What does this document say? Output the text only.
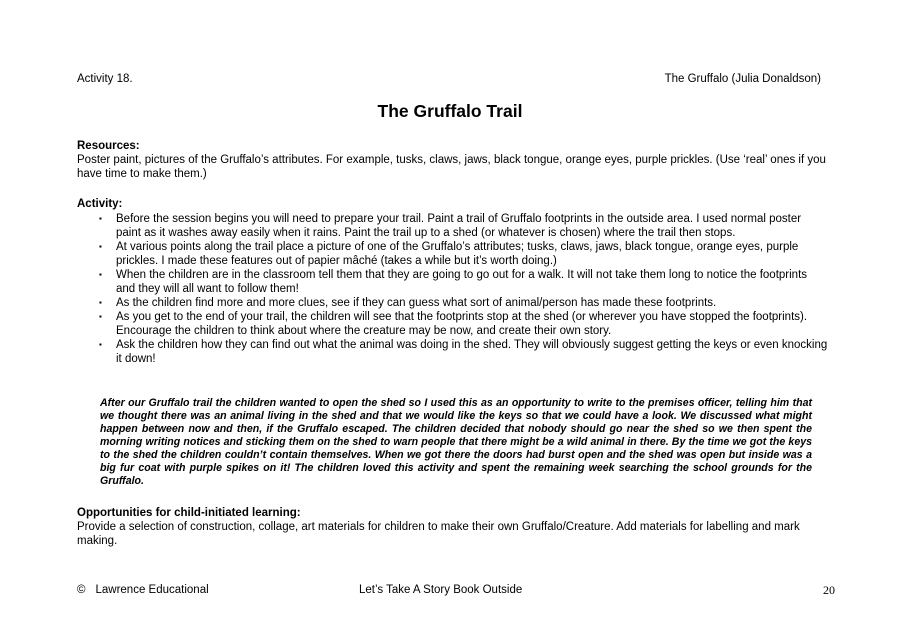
Activity 18.	The Gruffalo (Julia Donaldson)
The Gruffalo Trail

Resources:

Poster paint, pictures of the Gruffalo’s attributes. For example, tusks, claws, jaws, black tongue, orange eyes, purple prickles. (Use ‘real’ ones if you have time to make them.)

Activity:

▪ Before the session begins you will need to prepare your trail. Paint a trail of Gruffalo footprints in the outside area. I used normal poster paint as it washes away easily when it rains. Paint the trail up to a shed (or whatever is chosen) where the trail then stops.
▪ At various points along the trail place a picture of one of the Gruffalo’s attributes; tusks, claws, jaws, black tongue, orange eyes, purple prickles. I made these features out of papier mâché (takes a while but it’s worth doing.)
▪ When the children are in the classroom tell them that they are going to go out for a walk. It will not take them long to notice the footprints and they will all want to follow them!
▪ As the children find more and more clues, see if they can guess what sort of animal/person has made these footprints.
▪ As you get to the end of your trail, the children will see that the footprints stop at the shed (or wherever you have stopped the footprints). Encourage the children to think about where the creature may be now, and create their own story.
▪ Ask the children how they can find out what the animal was doing in the shed. They will obviously suggest getting the keys or even knocking it down!
After our Gruffalo trail the children wanted to open the shed so I used this as an opportunity to write to the premises officer, telling him that we thought there was an animal living in the shed and that we would like the keys so that we could have a look. We discussed what might happen between now and then, if the Gruffalo escaped. The children decided that nobody should go near the shed so we then spent the morning writing notices and sticking them on the shed to warn people that there might be a wild animal in there. By the time we got the keys to the shed the children couldn’t contain themselves. When we got there the doors had burst open and the shed was open but inside was a big fur coat with purple spikes on it! The children loved this activity and spent the remaining week searching the school grounds for the Gruffalo.

Opportunities for child-initiated learning:

Provide a selection of construction, collage, art materials for children to make their own Gruffalo/Creature. Add materials for labelling and mark making.

© Lawrence Educational	Let’s Take A Story Book Outside	20
